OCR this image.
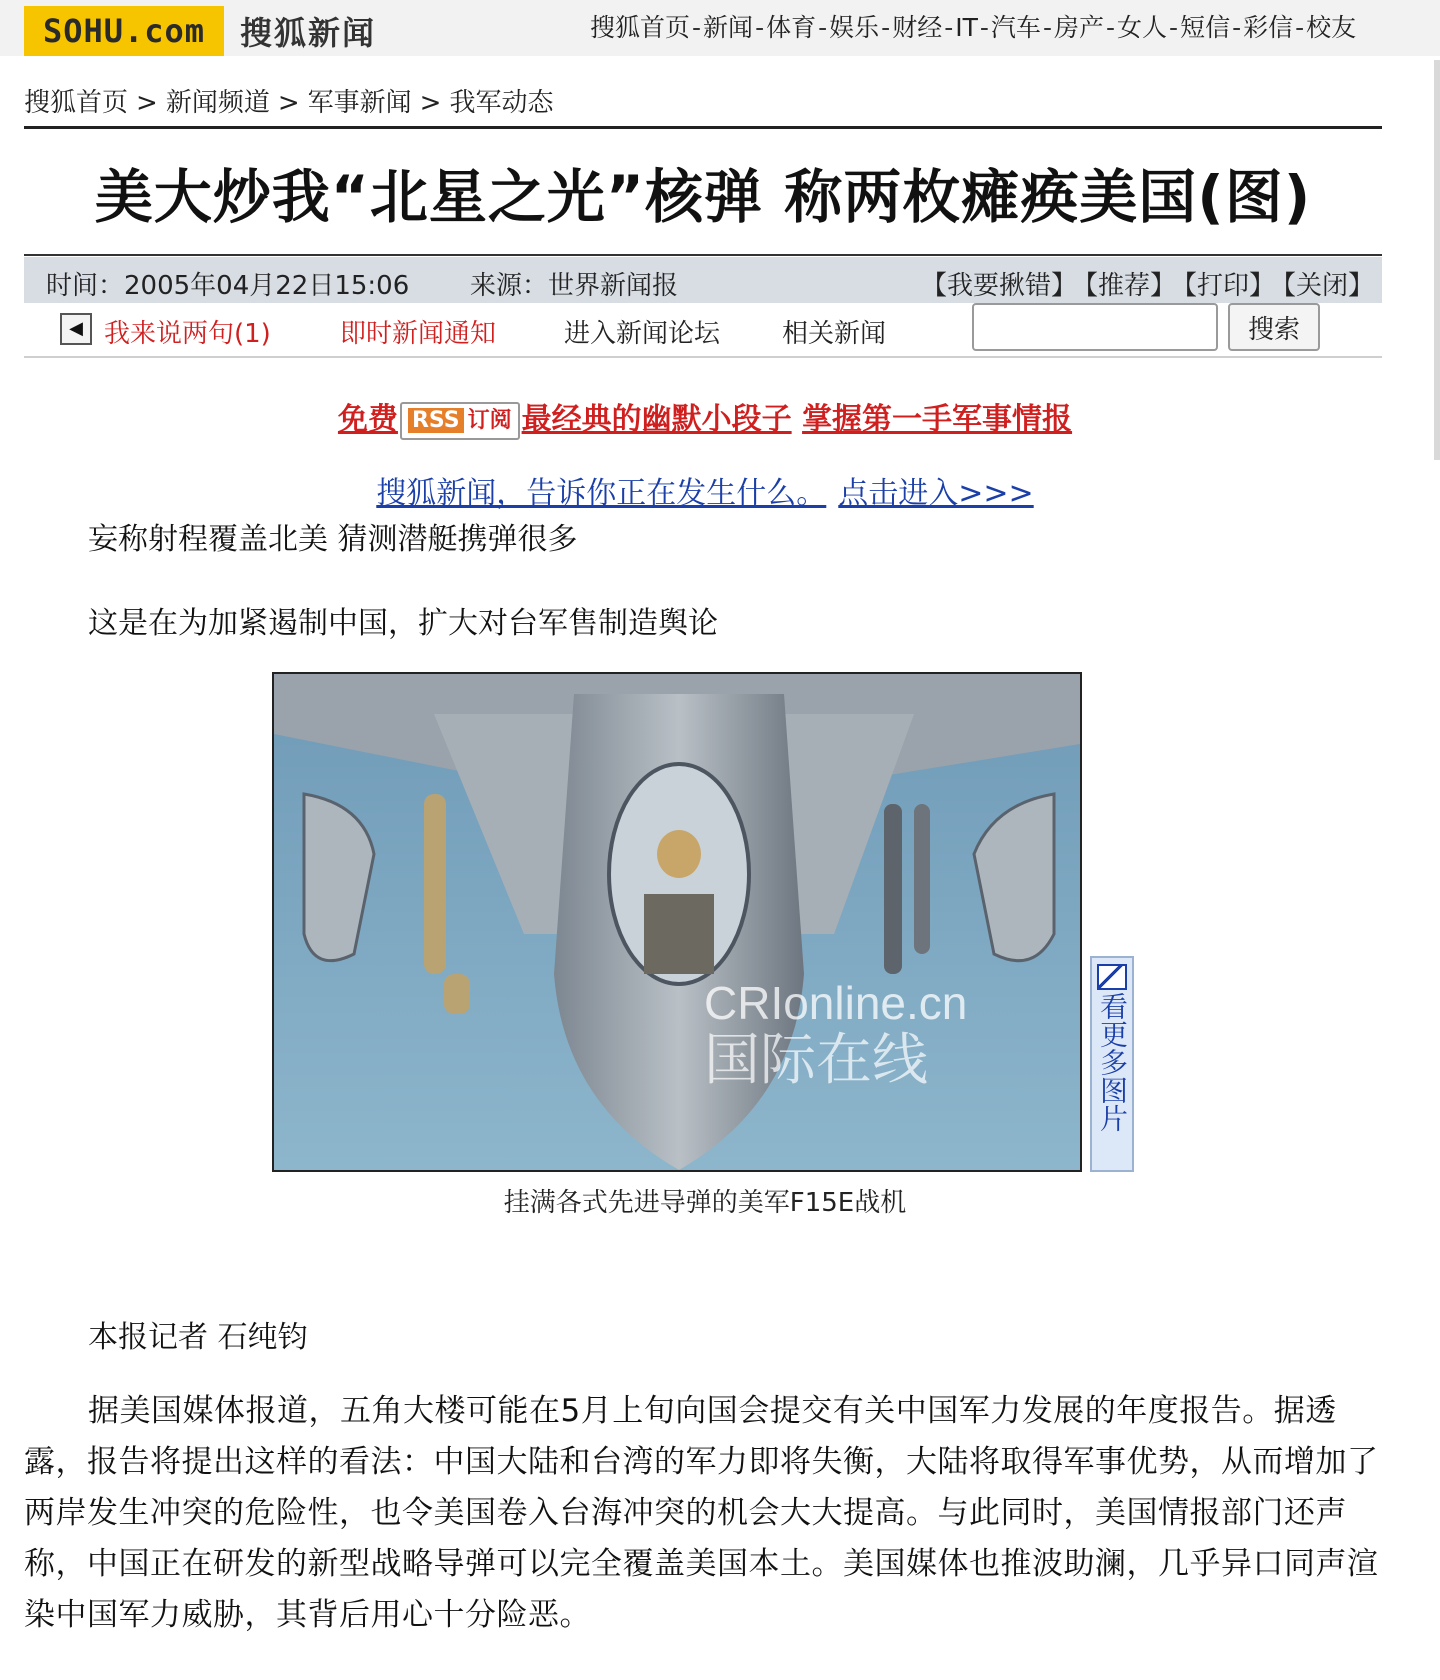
SOHU.com	搜狐新闻	搜狐首页-新闻-体育-娱乐-财经-IT-汽车-房产-女人-短信-彩信-校友
搜狐首页 > 新闻频道 > 军事新闻 > 我军动态
美大炒我“北星之光”核弹 称两枚瘫痪美国(图)
时间：2005年04月22日15:06 来源：世界新闻报	【我要揪错】 【推荐】 【打印】 【关闭】
◀ 我来说两句(1)	即时新闻通知	进入新闻论坛 相关新闻	搜索
免费 RSS 订阅 最经典的幽默小段子 掌握第一手军事情报
搜狐新闻，告诉你正在发生什么。 点击进入>>>
妄称射程覆盖北美 猜测潜艇携弹很多
这是在为加紧遏制中国，扩大对台军售制造舆论
CRIonline.cn
国际在线	看更多图片
挂满各式先进导弹的美军F15E战机
本报记者 石纯钧

据美国媒体报道，五角大楼可能在5月上旬向国会提交有关中国军力发展的年度报告。据透露，报告将提出这样的看法：中国大陆和台湾的军力即将失衡，大陆将取得军事优势，从而增加了两岸发生冲突的危险性，也令美国卷入台海冲突的机会大大提高。与此同时，美国情报部门还声称，中国正在研发的新型战略导弹可以完全覆盖美国本土。美国媒体也推波助澜，几乎异口同声渲染中国军力威胁，其背后用心十分险恶。
